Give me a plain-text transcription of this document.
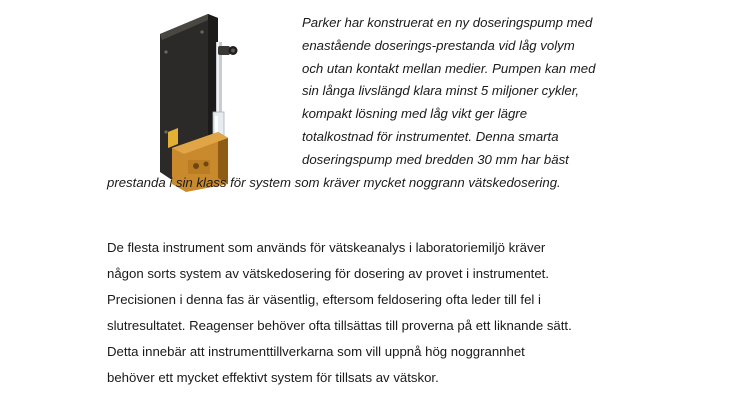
Parker har konstruerat en ny doseringspump med
enastående doserings-prestanda vid låg volym
och utan kontakt mellan medier. Pumpen kan med
sin långa livslängd klara minst 5 miljoner cykler,
kompakt lösning med låg vikt ger lägre
totalkostnad för instrumentet. Denna smarta
doseringspump med bredden 30 mm har bäst
prestanda i sin klass för system som kräver mycket noggrann vätskedosering.

De flesta instrument som används för vätskeanalys i laboratoriemiljö kräver
någon sorts system av vätskedosering för dosering av provet i instrumentet.
Precisionen i denna fas är väsentlig, eftersom feldosering ofta leder till fel i
slutresultatet. Reagenser behöver ofta tillsättas till proverna på ett liknande sätt.
Detta innebär att instrumenttillverkarna som vill uppnå hög noggrannhet
behöver ett mycket effektivt system för tillsats av vätskor.
